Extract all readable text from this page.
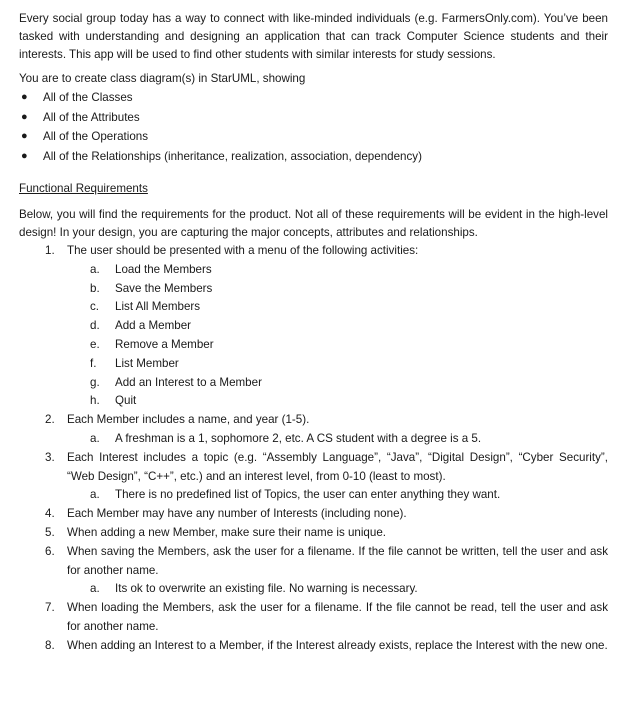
Every social group today has a way to connect with like-minded individuals (e.g. FarmersOnly.com). You’ve been tasked with understanding and designing an application that can track Computer Science students and their interests. This app will be used to find other students with similar interests for study sessions.

You are to create class diagram(s) in StarUML, showing

● All of the Classes
● All of the Attributes
● All of the Operations
● All of the Relationships (inheritance, realization, association, dependency)

Functional Requirements

Below, you will find the requirements for the product. Not all of these requirements will be evident in the high-level design! In your design, you are capturing the major concepts, attributes and relationships.

1. The user should be presented with a menu of the following activities:
a. Load the Members
b. Save the Members
c. List All Members
d. Add a Member
e. Remove a Member
f. List Member
g. Add an Interest to a Member
h. Quit
2. Each Member includes a name, and year (1-5).
a. A freshman is a 1, sophomore 2, etc. A CS student with a degree is a 5.
3. Each Interest includes a topic (e.g. “Assembly Language”, “Java”, “Digital Design”, “Cyber Security”, “Web Design”, “C++”, etc.) and an interest level, from 0-10 (least to most).
a. There is no predefined list of Topics, the user can enter anything they want.
4. Each Member may have any number of Interests (including none).
5. When adding a new Member, make sure their name is unique.
6. When saving the Members, ask the user for a filename. If the file cannot be written, tell the user and ask for another name.
a. Its ok to overwrite an existing file. No warning is necessary.
7. When loading the Members, ask the user for a filename. If the file cannot be read, tell the user and ask for another name.
8. When adding an Interest to a Member, if the Interest already exists, replace the Interest with the new one.
